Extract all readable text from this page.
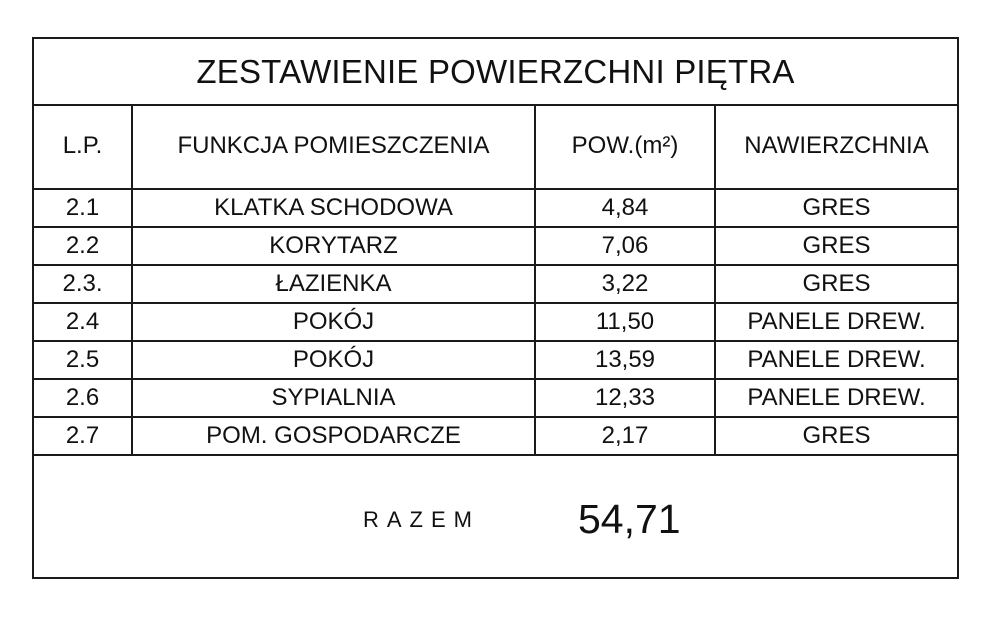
ZESTAWIENIE POWIERZCHNI PIĘTRA
L.P.	FUNKCJA POMIESZCZENIA	POW.(m²)	NAWIERZCHNIA
2.1	KLATKA SCHODOWA	4,84	GRES
2.2	KORYTARZ	7,06	GRES
2.3.	ŁAZIENKA	3,22	GRES
2.4	POKÓJ	11,50	PANELE DREW.
2.5	POKÓJ	13,59	PANELE DREW.
2.6	SYPIALNIA	12,33	PANELE DREW.
2.7	POM. GOSPODARCZE	2,17	GRES
RAZEM 54,71
